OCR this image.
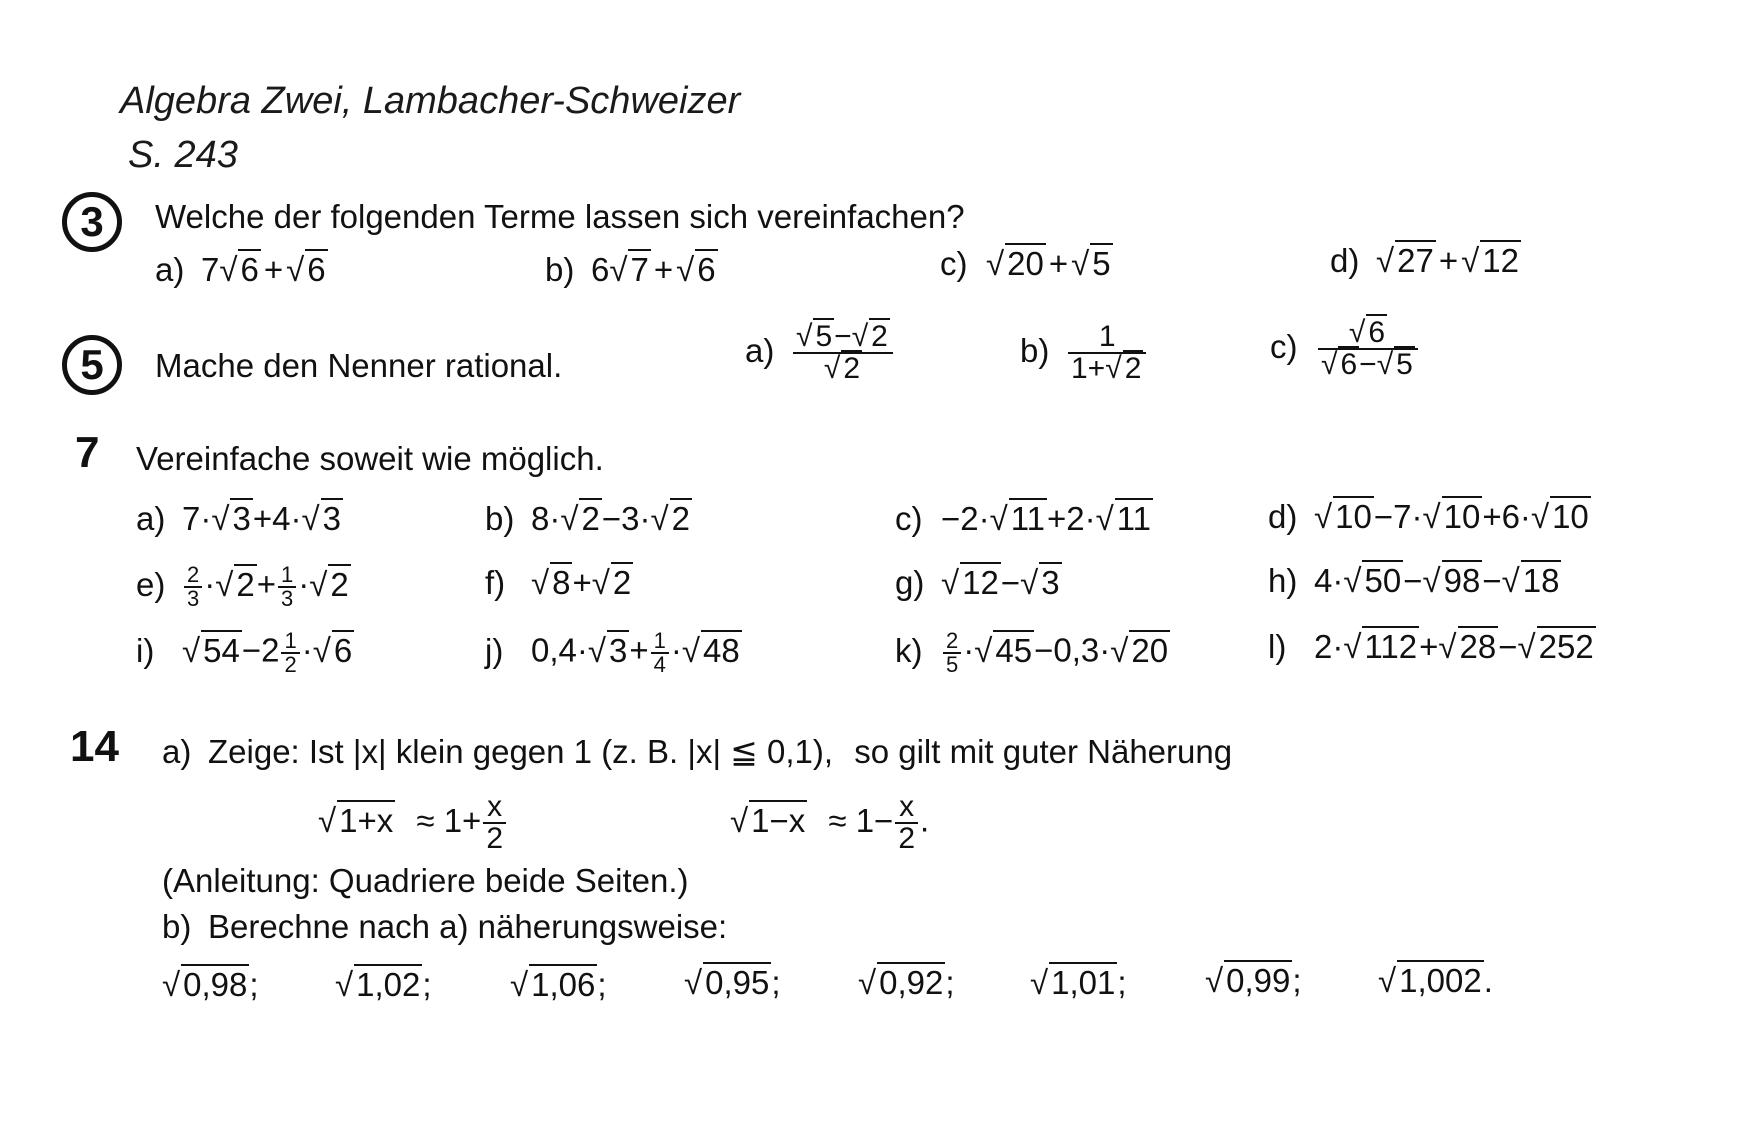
Algebra Zwei, Lambacher-Schweizer
S. 243
3	Welche der folgenden Terme lassen sich vereinfachen?
a) 7 √ 6 + √ 6	b) 6 √ 7 + √ 6	c) √ 20 + √ 5	d) √ 27 + √ 12
5	Mache den Nenner rational.	a) √ 5− √ 2
√ 2	$b) \frac{1}{1+ √ 2}$	c) √ 6
√ 6− √ 5
7 Vereinfache soweit wie möglich.
a) 7· √ 3+4· √ 3	b) 8· √ 2−3· √ 2	c) −2· √ 11+2· √ 11	d) √ 10−7· √ 10+6· √ 10
$e) \frac{2}{3}$ · √ $2+ \frac{1}{3}$ · √ 2	f) √ 8+ √ 2	g) √ 12− √ 3	h) 4· √ 50− √ 98− √ 18
i) √ $54-2 \frac{1}{2}$ · √ 6	j) 0,4· √ $3+ \frac{1}{4}$ · √ 48	$k) \frac{2}{5}$ · √ 45−0,3· √ 20	l) 2· √ 112+ √ 28− √ 252
14 a) Zeige: Ist |x| klein gegen 1 (z. B. |x| ≦ 0,1), so gilt mit guter Näherung
√ $1+x \approx 1+ \frac{x}{2}$	√ $1-x \approx 1- \frac{x}{2}$ .
(Anleitung: Quadriere beide Seiten.)
b) Berechne nach a) näherungsweise:
√ 0,98;	√ 1,02;	√ 1,06;	√ 0,95;	√ 0,92;	√ 1,01;	√ 0,99;	√ 1,002.
